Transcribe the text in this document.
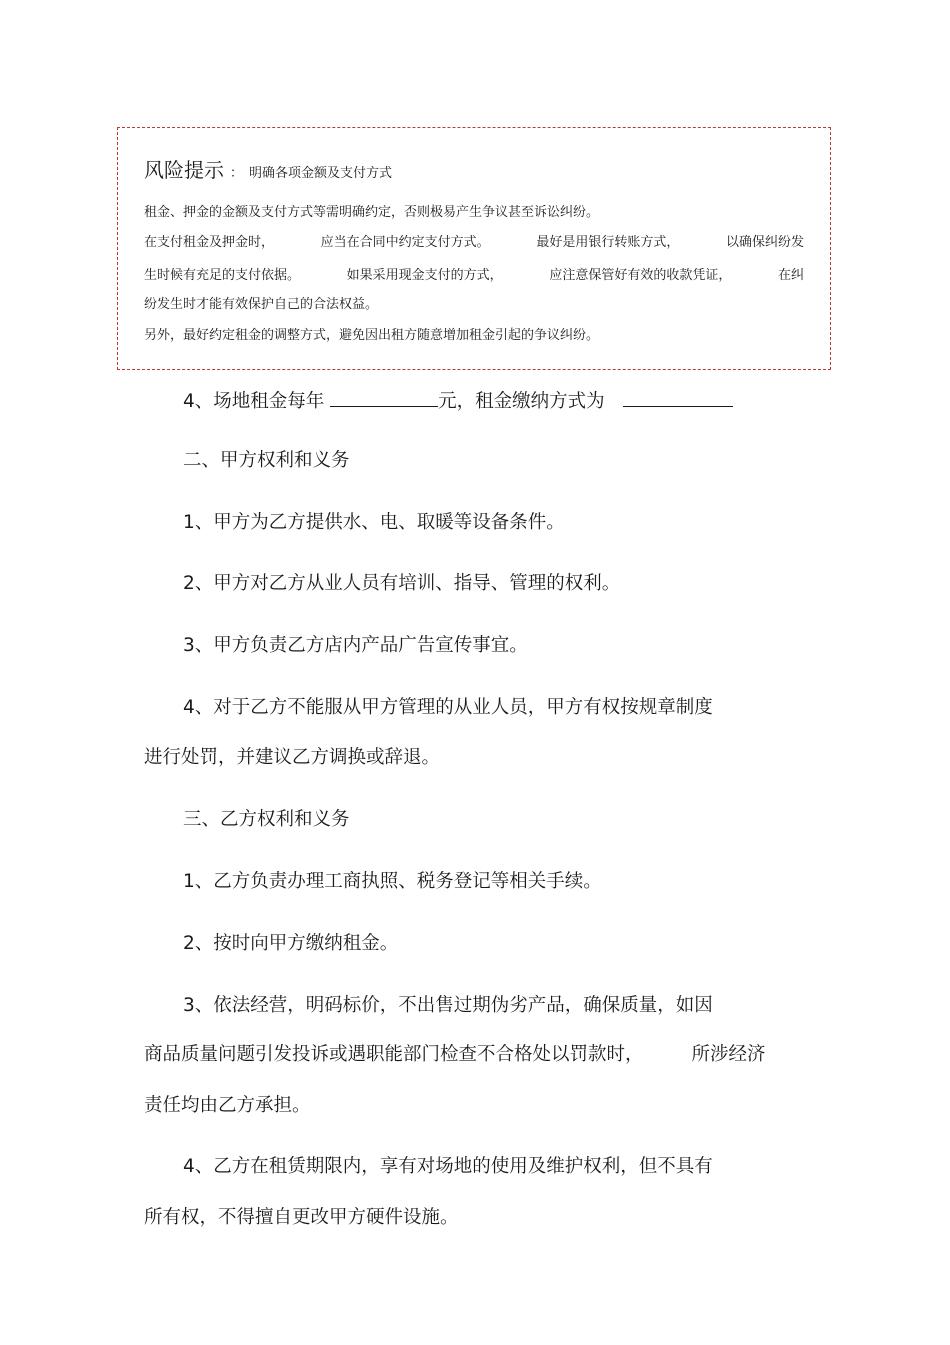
风险提示 ： 明确各项金额及支付方式
租金、押金的金额及支付方式等需明确约定，否则极易产生争议甚至诉讼纠纷。
在支付租金及押金时，	应当在合同中约定支付方式。	最好是用银行转账方式，	以确保纠纷发
生时候有充足的支付依据。	如果采用现金支付的方式，	应注意保管好有效的收款凭证，	在纠
纷发生时才能有效保护自己的合法权益。
另外，最好约定租金的调整方式，避免因出租方随意增加租金引起的争议纠纷。
4、场地租金每年	元，租金缴纳方式为
二、甲方权利和义务
1、甲方为乙方提供水、电、取暖等设备条件。
2、甲方对乙方从业人员有培训、指导、管理的权利。
3、甲方负责乙方店内产品广告宣传事宜。
4、对于乙方不能服从甲方管理的从业人员，甲方有权按规章制度
进行处罚，并建议乙方调换或辞退。
三、乙方权利和义务
1、乙方负责办理工商执照、税务登记等相关手续。
2、按时向甲方缴纳租金。
3、依法经营，明码标价，不出售过期伪劣产品，确保质量，如因
商品质量问题引发投诉或遇职能部门检查不合格处以罚款时，	所涉经济
责任均由乙方承担。
4、乙方在租赁期限内，享有对场地的使用及维护权利，但不具有
所有权，不得擅自更改甲方硬件设施。
